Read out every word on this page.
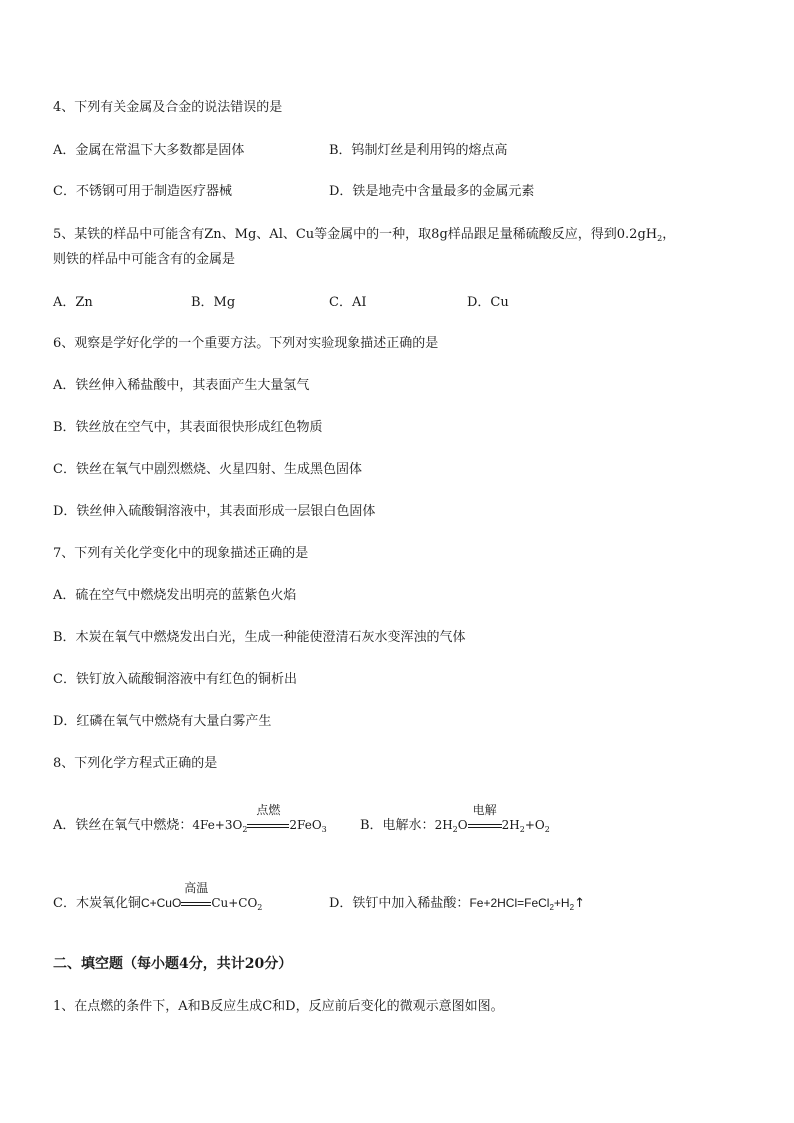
4、下列有关金属及合金的说法错误的是
A．金属在常温下大多数都是固体	B．钨制灯丝是利用钨的熔点高
C．不锈钢可用于制造医疗器械	D．铁是地壳中含量最多的金属元素
5、某铁的样品中可能含有Zn、Mg、Al、Cu等金属中的一种，取8g样品跟足量稀硫酸反应，得到$0.2gH_2$，
则铁的样品中可能含有的金属是
A．Zn	B．Mg	C．AI	D．Cu
6、观察是学好化学的一个重要方法。下列对实验现象描述正确的是
A．铁丝伸入稀盐酸中，其表面产生大量氢气
B．铁丝放在空气中，其表面很快形成红色物质
C．铁丝在氧气中剧烈燃烧、火星四射、生成黑色固体
D．铁丝伸入硫酸铜溶液中，其表面形成一层银白色固体
7、下列有关化学变化中的现象描述正确的是
A．硫在空气中燃烧发出明亮的蓝紫色火焰
B．木炭在氧气中燃烧发出白光，生成一种能使澄清石灰水变浑浊的气体
C．铁钉放入硫酸铜溶液中有红色的铜析出
D．红磷在氧气中燃烧有大量白雾产生
8、下列化学方程式正确的是
A．铁丝在氧气中燃烧：$4Fe+3O_2$
点燃
2FeO$_3$	B．电解水：$2H_2O$
电解
$2H_2+O_2$
C．木炭氧化铜C+CuO
高温
$Cu+CO_2$	D．铁钉中加入稀盐酸：$Fe+2HCl=FeCl_2+H_2↑$
二、填空题（每小题4分，共计20分）
1、在点燃的条件下，A和B反应生成C和D，反应前后变化的微观示意图如图。
